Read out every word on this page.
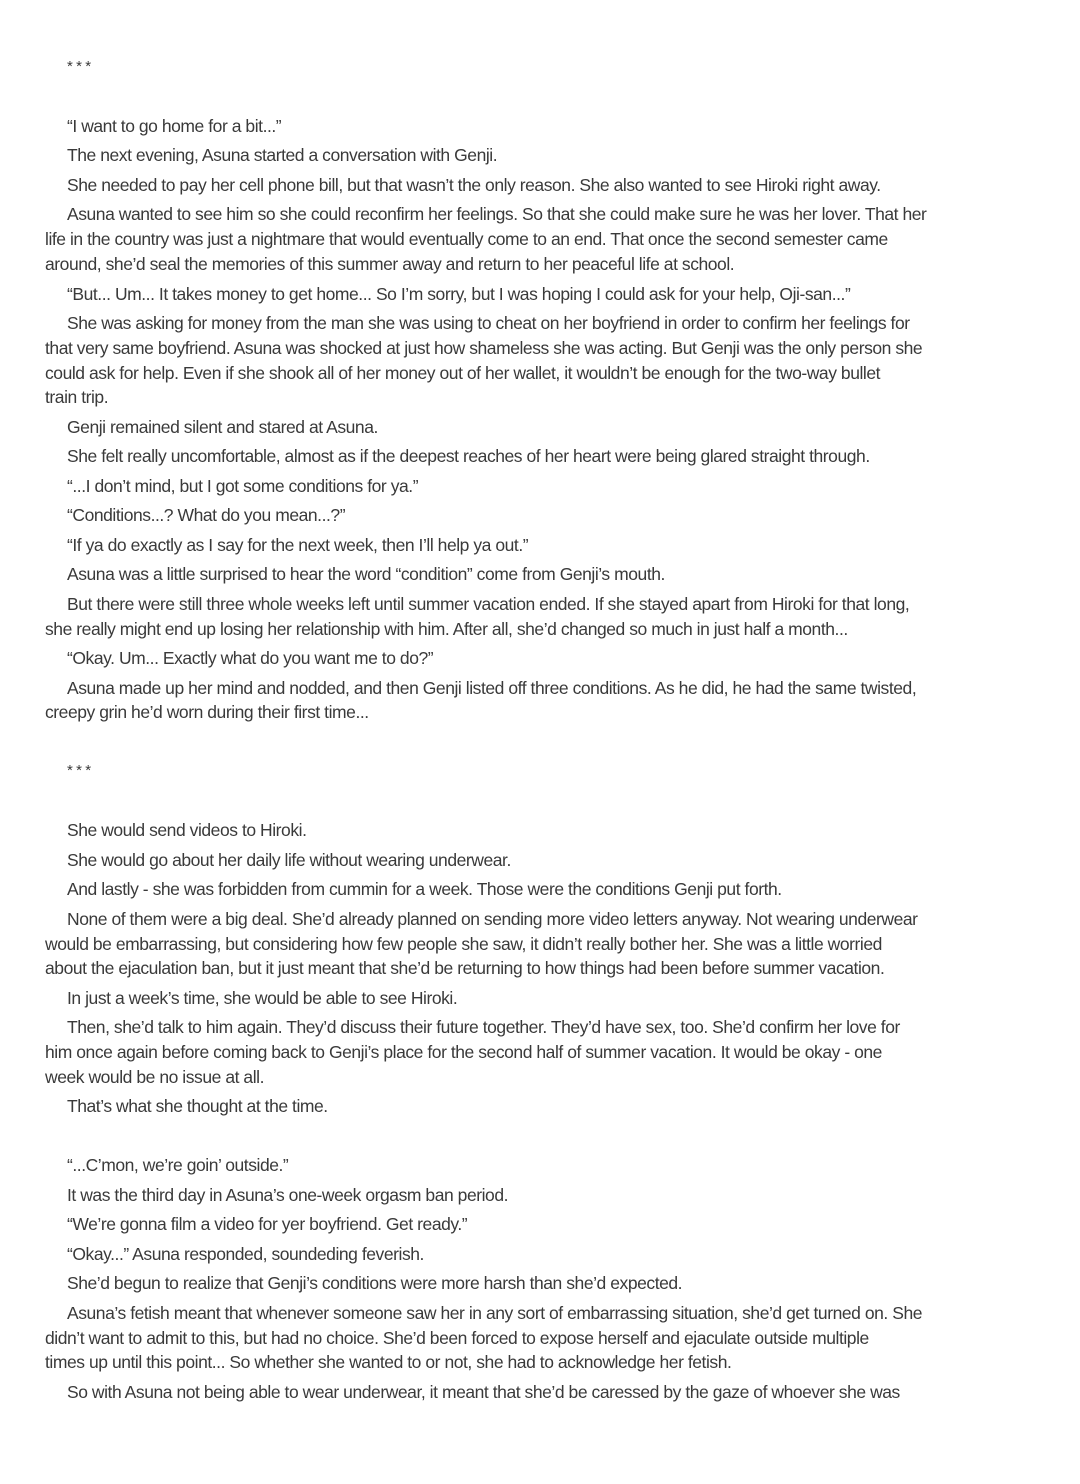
* * *
“I want to go home for a bit...”
The next evening, Asuna started a conversation with Genji.
She needed to pay her cell phone bill, but that wasn’t the only reason. She also wanted to see Hiroki right away.
Asuna wanted to see him so she could reconfirm her feelings. So that she could make sure he was her lover. That her
life in the country was just a nightmare that would eventually come to an end. That once the second semester came
around, she’d seal the memories of this summer away and return to her peaceful life at school.
“But... Um... It takes money to get home... So I’m sorry, but I was hoping I could ask for your help, Oji-san...”
She was asking for money from the man she was using to cheat on her boyfriend in order to confirm her feelings for
that very same boyfriend. Asuna was shocked at just how shameless she was acting. But Genji was the only person she
could ask for help. Even if she shook all of her money out of her wallet, it wouldn’t be enough for the two-way bullet
train trip.
Genji remained silent and stared at Asuna.
She felt really uncomfortable, almost as if the deepest reaches of her heart were being glared straight through.
“...I don’t mind, but I got some conditions for ya.”
“Conditions...? What do you mean...?”
“If ya do exactly as I say for the next week, then I’ll help ya out.”
Asuna was a little surprised to hear the word “condition” come from Genji’s mouth.
But there were still three whole weeks left until summer vacation ended. If she stayed apart from Hiroki for that long,
she really might end up losing her relationship with him. After all, she’d changed so much in just half a month...
“Okay. Um... Exactly what do you want me to do?”
Asuna made up her mind and nodded, and then Genji listed off three conditions. As he did, he had the same twisted,
creepy grin he’d worn during their first time...
* * *
She would send videos to Hiroki.
She would go about her daily life without wearing underwear.
And lastly - she was forbidden from cummin for a week. Those were the conditions Genji put forth.
None of them were a big deal. She’d already planned on sending more video letters anyway. Not wearing underwear
would be embarrassing, but considering how few people she saw, it didn’t really bother her. She was a little worried
about the ejaculation ban, but it just meant that she’d be returning to how things had been before summer vacation.
In just a week’s time, she would be able to see Hiroki.
Then, she’d talk to him again. They’d discuss their future together. They’d have sex, too. She’d confirm her love for
him once again before coming back to Genji’s place for the second half of summer vacation. It would be okay - one
week would be no issue at all.
That’s what she thought at the time.
“...C’mon, we’re goin’ outside.”
It was the third day in Asuna’s one-week orgasm ban period.
“We’re gonna film a video for yer boyfriend. Get ready.”
“Okay...” Asuna responded, soundeding feverish.
She’d begun to realize that Genji’s conditions were more harsh than she’d expected.
Asuna’s fetish meant that whenever someone saw her in any sort of embarrassing situation, she’d get turned on. She
didn’t want to admit to this, but had no choice. She’d been forced to expose herself and ejaculate outside multiple
times up until this point... So whether she wanted to or not, she had to acknowledge her fetish.
So with Asuna not being able to wear underwear, it meant that she’d be caressed by the gaze of whoever she was
